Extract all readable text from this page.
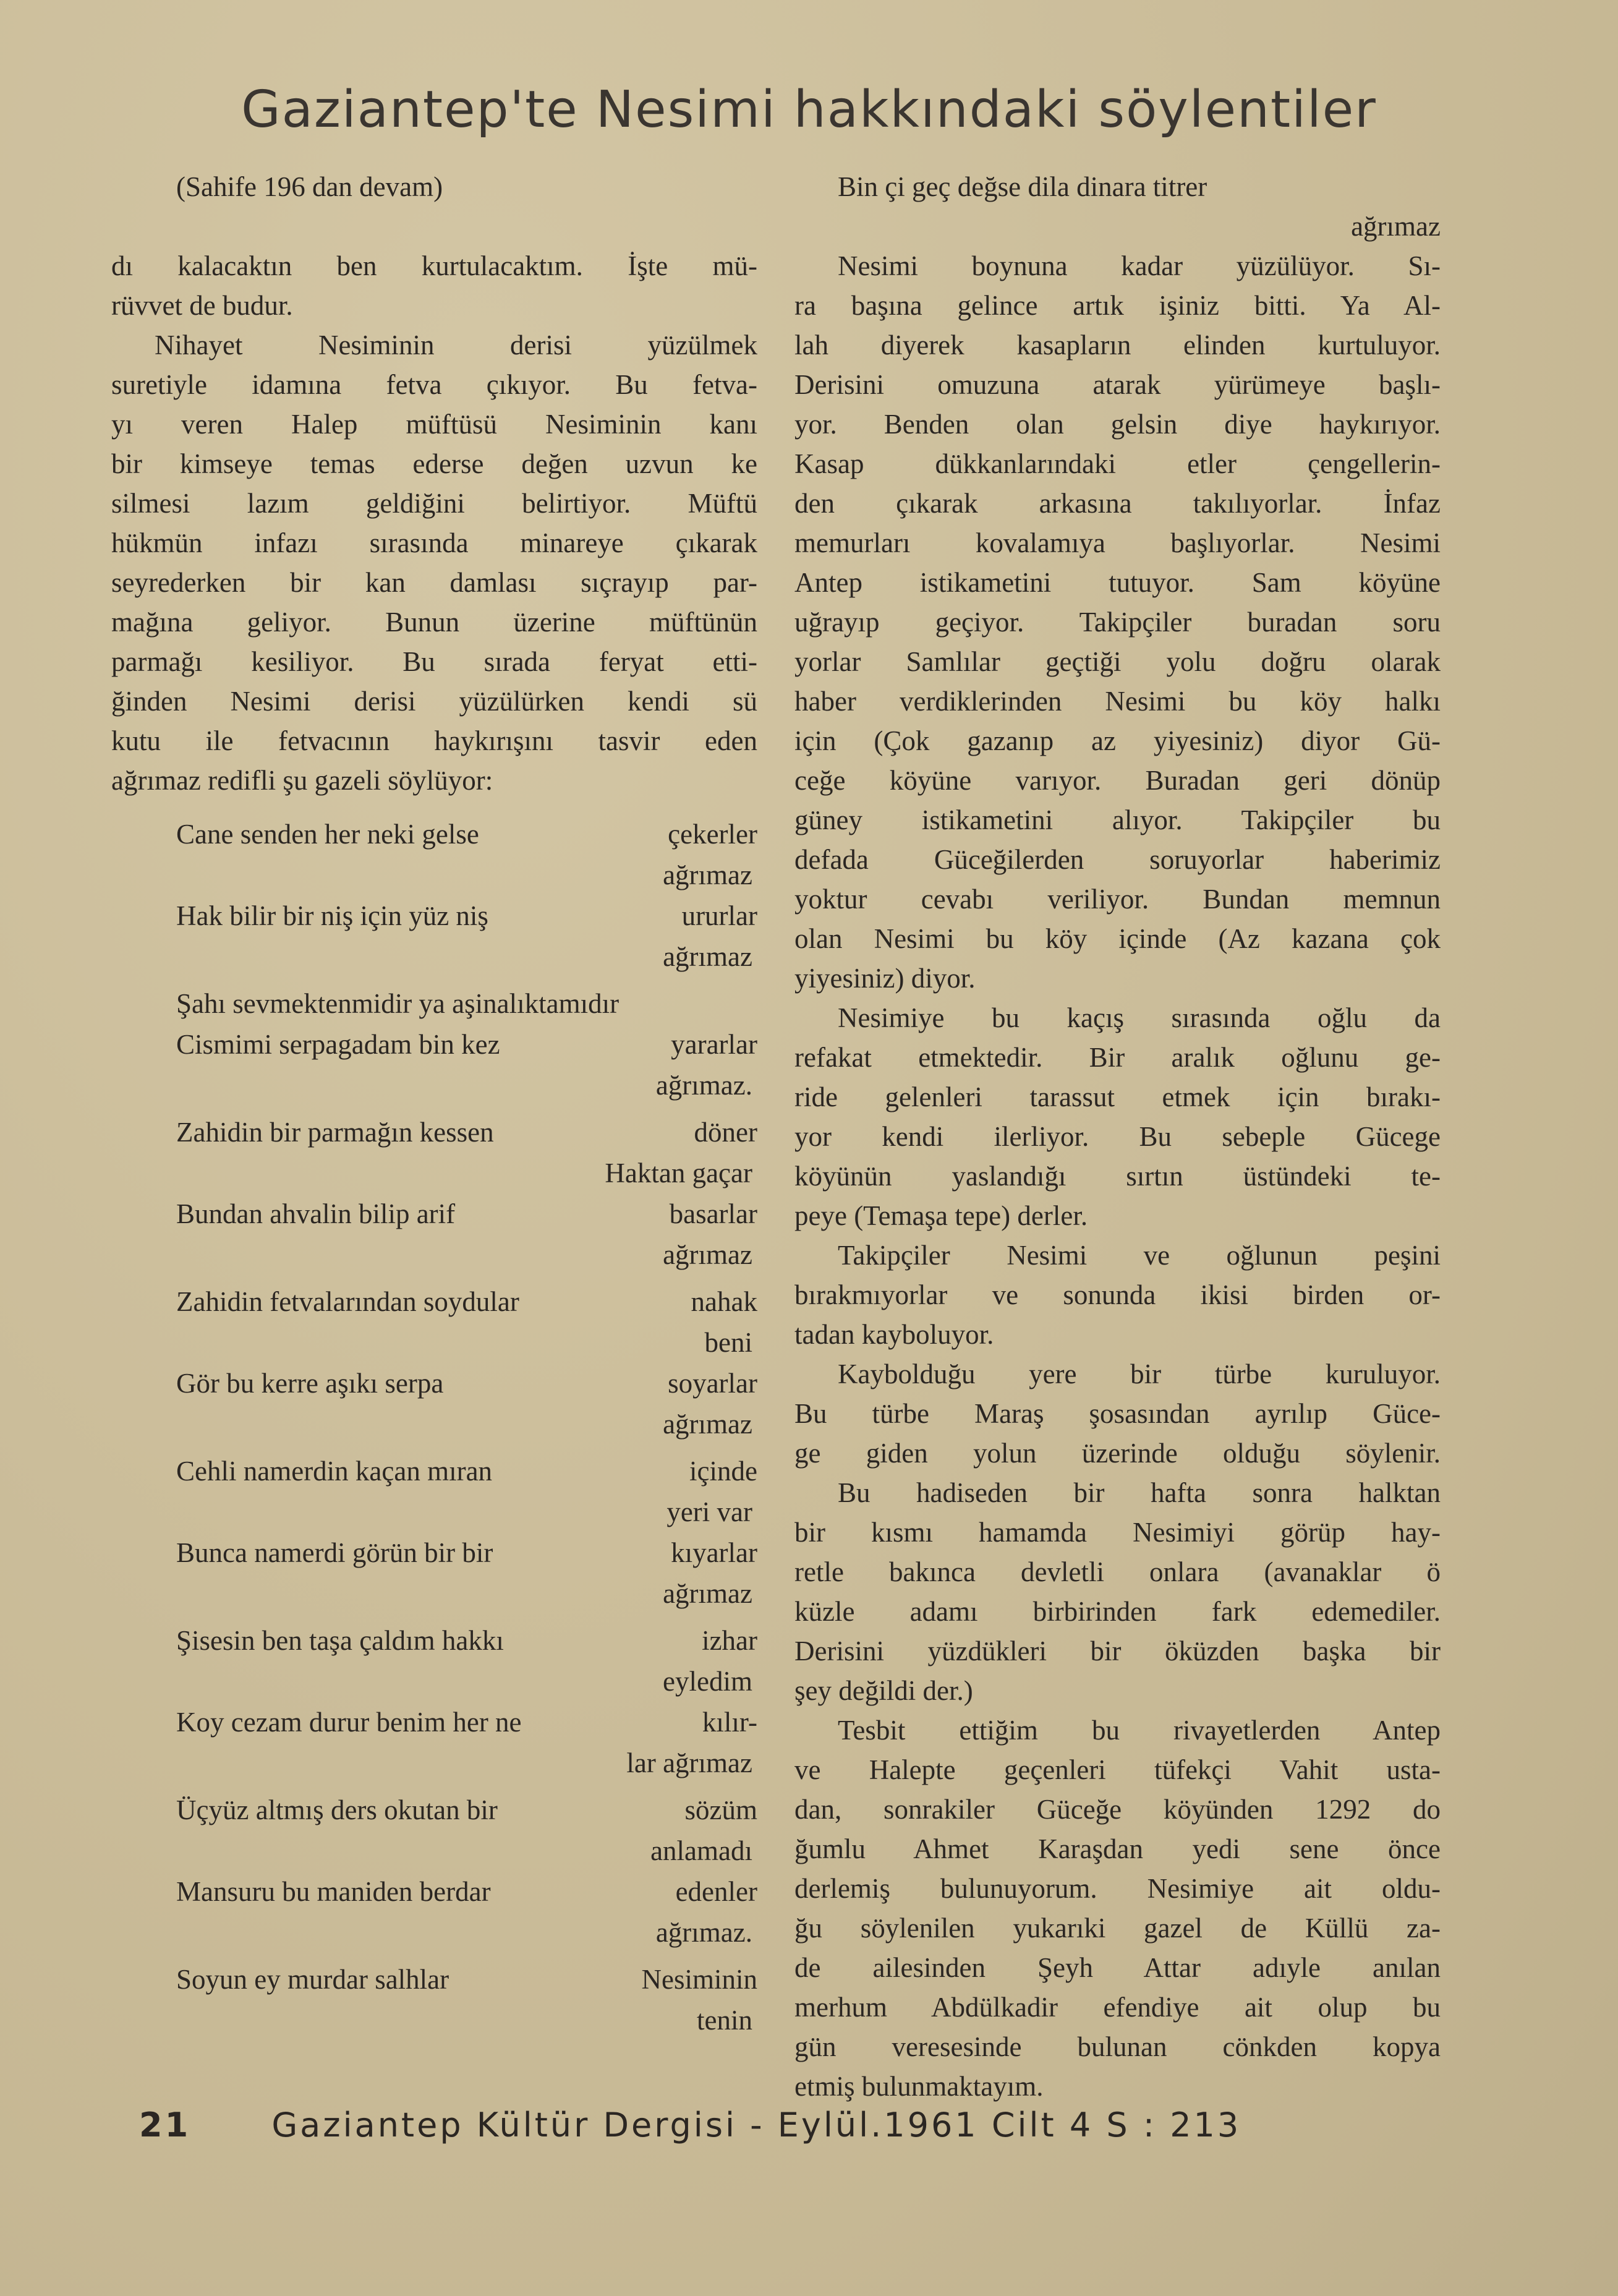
Gaziantep'te Nesimi hakkındaki söylentiler
(Sahife 196 dan devam)
dı kalacaktın ben kurtulacaktım. İşte mü-
rüvvet de budur.
Nihayet Nesiminin derisi yüzülmek
suretiyle idamına fetva çıkıyor. Bu fetva-
yı veren Halep müftüsü Nesiminin kanı
bir kimseye temas ederse değen uzvun ke
silmesi lazım geldiğini belirtiyor. Müftü
hükmün infazı sırasında minareye çıkarak
seyrederken bir kan damlası sıçrayıp par-
mağına geliyor. Bunun üzerine müftünün
parmağı kesiliyor. Bu sırada feryat etti-
ğinden Nesimi derisi yüzülürken kendi sü
kutu ile fetvacının haykırışını tasvir eden
ağrımaz redifli şu gazeli söylüyor:
Cane senden her neki gelse	çekerler
ağrımaz
Hak bilir bir niş için yüz niş	ururlar
ağrımaz
Şahı sevmektenmidir ya aşinalıktamıdır
Cismimi serpagadam bin kez	yararlar
ağrımaz.
Zahidin bir parmağın kessen	döner
Haktan gaçar
Bundan ahvalin bilip arif	basarlar
ağrımaz
Zahidin fetvalarından soydular	nahak
beni
Gör bu kerre aşıkı serpa	soyarlar
ağrımaz
Cehli namerdin kaçan mıran	içinde
yeri var
Bunca namerdi görün bir bir	kıyarlar
ağrımaz
Şisesin ben taşa çaldım hakkı	izhar
eyledim
Koy cezam durur benim her ne	kılır-
lar ağrımaz
Üçyüz altmış ders okutan bir	sözüm
anlamadı
Mansuru bu maniden berdar	edenler
ağrımaz.
Soyun ey murdar salhlar	Nesiminin
tenin
Bin çi geç değse dila dinara titrer
ağrımaz
Nesimi boynuna kadar yüzülüyor. Sı-
ra başına gelince artık işiniz bitti. Ya Al-
lah diyerek kasapların elinden kurtuluyor.
Derisini omuzuna atarak yürümeye başlı-
yor. Benden olan gelsin diye haykırıyor.
Kasap dükkanlarındaki etler çengellerin-
den çıkarak arkasına takılıyorlar. İnfaz
memurları kovalamıya başlıyorlar. Nesimi
Antep istikametini tutuyor. Sam köyüne
uğrayıp geçiyor. Takipçiler buradan soru
yorlar Samlılar geçtiği yolu doğru olarak
haber verdiklerinden Nesimi bu köy halkı
için (Çok gazanıp az yiyesiniz) diyor Gü-
ceğe köyüne varıyor. Buradan geri dönüp
güney istikametini alıyor. Takipçiler bu
defada Güceğilerden soruyorlar haberimiz
yoktur cevabı veriliyor. Bundan memnun
olan Nesimi bu köy içinde (Az kazana çok
yiyesiniz) diyor.
Nesimiye bu kaçış sırasında oğlu da
refakat etmektedir. Bir aralık oğlunu ge-
ride gelenleri tarassut etmek için bırakı-
yor kendi ilerliyor. Bu sebeple Gücege
köyünün yaslandığı sırtın üstündeki te-
peye (Temaşa tepe) derler.
Takipçiler Nesimi ve oğlunun peşini
bırakmıyorlar ve sonunda ikisi birden or-
tadan kayboluyor.
Kaybolduğu yere bir türbe kuruluyor.
Bu türbe Maraş şosasından ayrılıp Güce-
ge giden yolun üzerinde olduğu söylenir.
Bu hadiseden bir hafta sonra halktan
bir kısmı hamamda Nesimiyi görüp hay-
retle bakınca devletli onlara (avanaklar ö
küzle adamı birbirinden fark edemediler.
Derisini yüzdükleri bir öküzden başka bir
şey değildi der.)
Tesbit ettiğim bu rivayetlerden Antep
ve Halepte geçenleri tüfekçi Vahit usta-
dan, sonrakiler Güceğe köyünden 1292 do
ğumlu Ahmet Karaşdan yedi sene önce
derlemiş bulunuyorum. Nesimiye ait oldu-
ğu söylenilen yukarıki gazel de Küllü za-
de ailesinden Şeyh Attar adıyle anılan
merhum Abdülkadir efendiye ait olup bu
gün veresesinde bulunan cönkden kopya
etmiş bulunmaktayım.
21 Gaziantep Kültür Dergisi - Eylül.1961 Cilt 4 S : 213
